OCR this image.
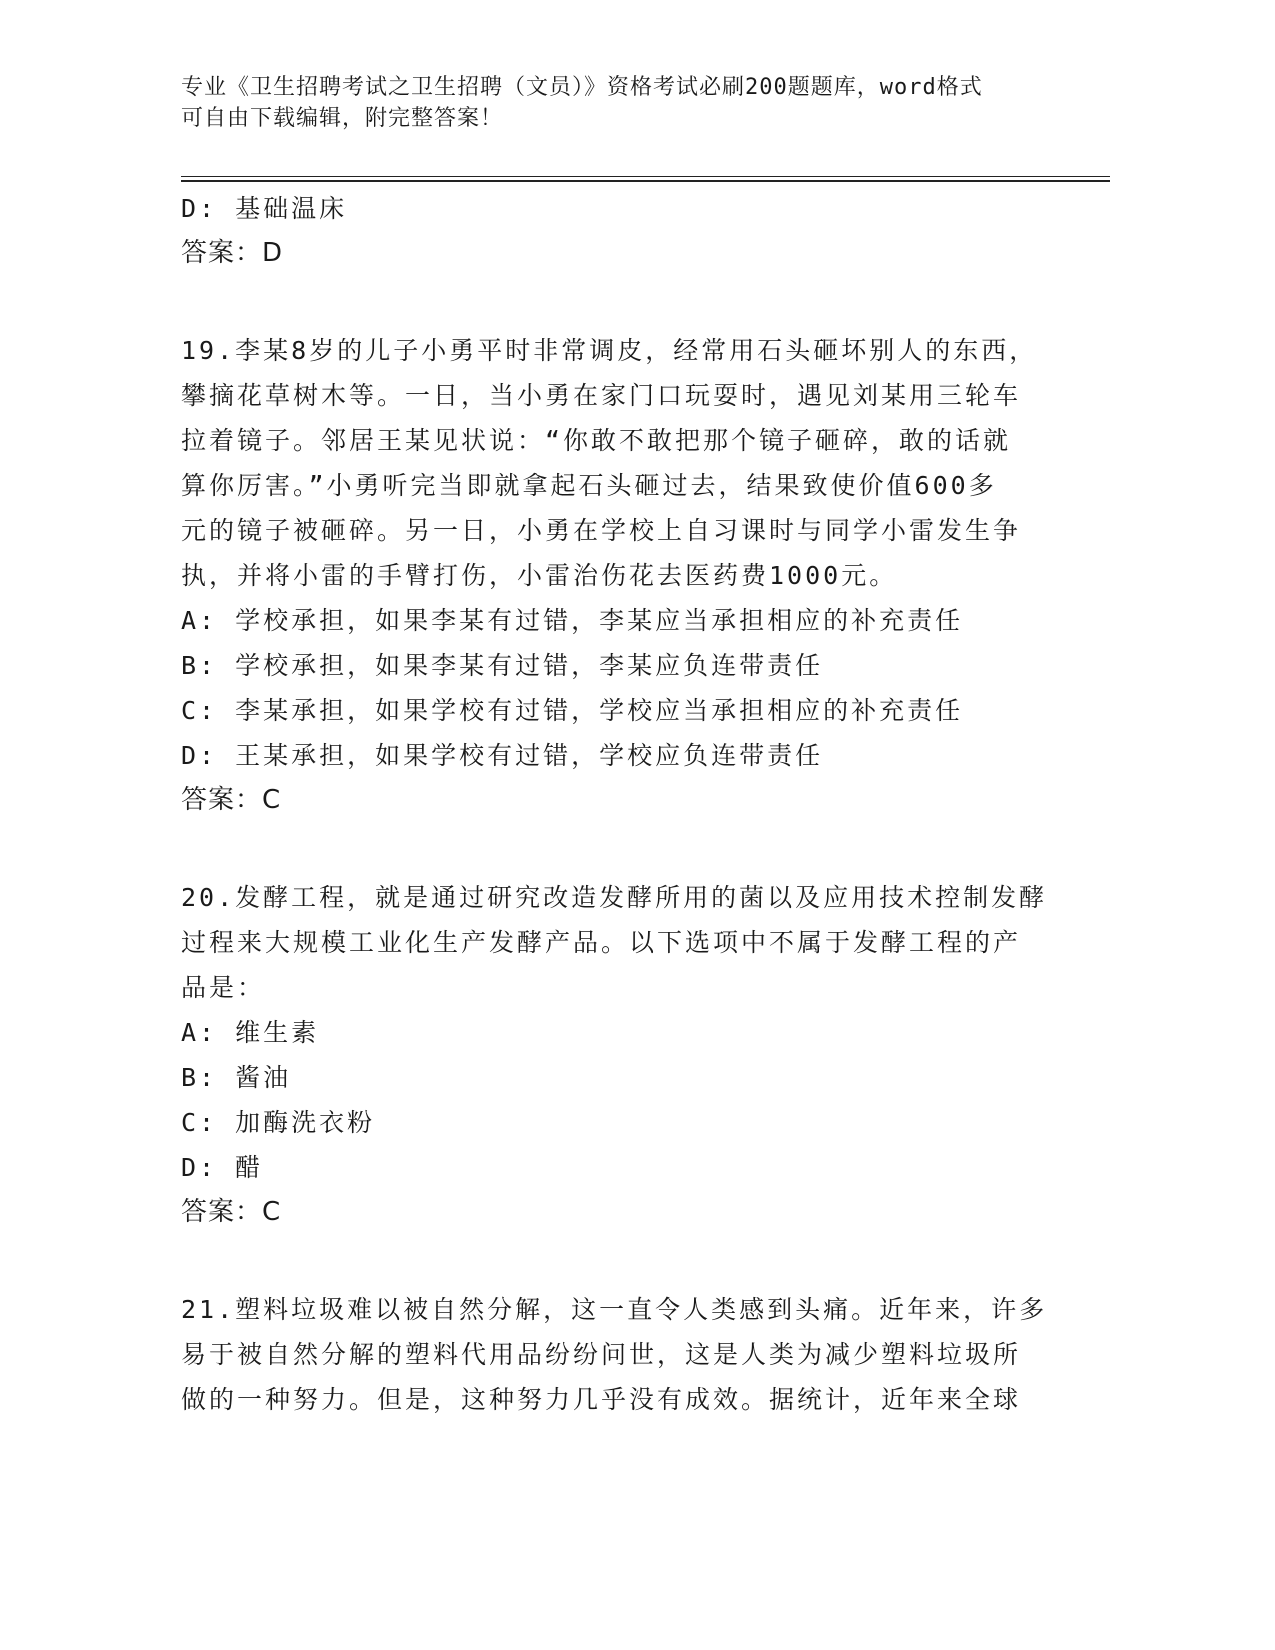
专业《卫生招聘考试之卫生招聘（文员）》资格考试必刷200题题库，word格式
可自由下载编辑，附完整答案！
D: 基础温床
答案：D
19.李某8岁的儿子小勇平时非常调皮，经常用石头砸坏别人的东西，
攀摘花草树木等。一日，当小勇在家门口玩耍时，遇见刘某用三轮车
拉着镜子。邻居王某见状说：“你敢不敢把那个镜子砸碎，敢的话就
算你厉害。”小勇听完当即就拿起石头砸过去，结果致使价值600多
元的镜子被砸碎。另一日，小勇在学校上自习课时与同学小雷发生争
执，并将小雷的手臂打伤，小雷治伤花去医药费1000元。
A: 学校承担，如果李某有过错，李某应当承担相应的补充责任
B: 学校承担，如果李某有过错，李某应负连带责任
C: 李某承担，如果学校有过错，学校应当承担相应的补充责任
D: 王某承担，如果学校有过错，学校应负连带责任
答案：C
20.发酵工程，就是通过研究改造发酵所用的菌以及应用技术控制发酵
过程来大规模工业化生产发酵产品。以下选项中不属于发酵工程的产
品是：
A: 维生素
B: 酱油
C: 加酶洗衣粉
D: 醋
答案：C
21.塑料垃圾难以被自然分解，这一直令人类感到头痛。近年来，许多
易于被自然分解的塑料代用品纷纷问世，这是人类为减少塑料垃圾所
做的一种努力。但是，这种努力几乎没有成效。据统计，近年来全球
